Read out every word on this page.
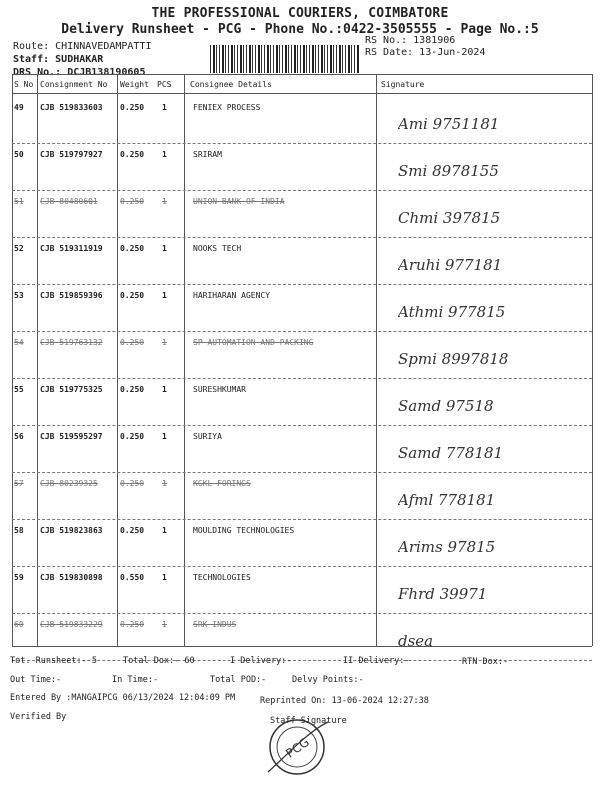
THE PROFESSIONAL COURIERS, COIMBATORE
Delivery Runsheet - PCG - Phone No.:0422-3505555 - Page No.:5
Route: CHINNAVEDAMPATTI
Staff: SUDHAKAR
DRS No.: DCJB138190605
RS No.: 1381906
RS Date: 13-Jun-2024
S No Consignment No Weight PCS Consignee Details	Signature
49 CJB 519833603 0.250 1	FENIEX PROCESS
Ami 9751181
50 CJB 519797927 0.250 1	SRIRAM
Smi 8978155
51 CJB 80480601	0.250 1	UNION BANK OF INDIA
Chmi 397815
52 CJB 519311919 0.250 1	NOOKS TECH
Aruhi 977181
53 CJB 519859396 0.250 1	HARIHARAN AGENCY
Athmi 977815
54 CJB 519763132 0.250 1	SP AUTOMATION AND PACKING
Spmi 8997818
55 CJB 519775325 0.250 1	SURESHKUMAR
Samd 97518
56 CJB 519595297 0.250 1	SURIYA
Samd 778181
57 CJB 80239325	0.250 1	KGKL FORINGS
Afml 778181
58 CJB 519823863 0.250 1	MOULDING TECHNOLOGIES
Arims 97815
59 CJB 519830898 0.550 1	TECHNOLOGIES
Fhrd 39971
60 CJB 519833229 0.250 1	SRK INDUS
dsea
Tot. Runsheet:- 5	Total Dox:- 60	I Delivery:-	II Delivery:-	RTN Dox:-
Out Time:-	In Time:-	Total POD:-	Delvy Points:-
Entered By :MANGAIPCG 06/13/2024 12:04:09 PM	Reprinted On: 13-06-2024 12:27:38
Verified By	Staff Signature
PCG
